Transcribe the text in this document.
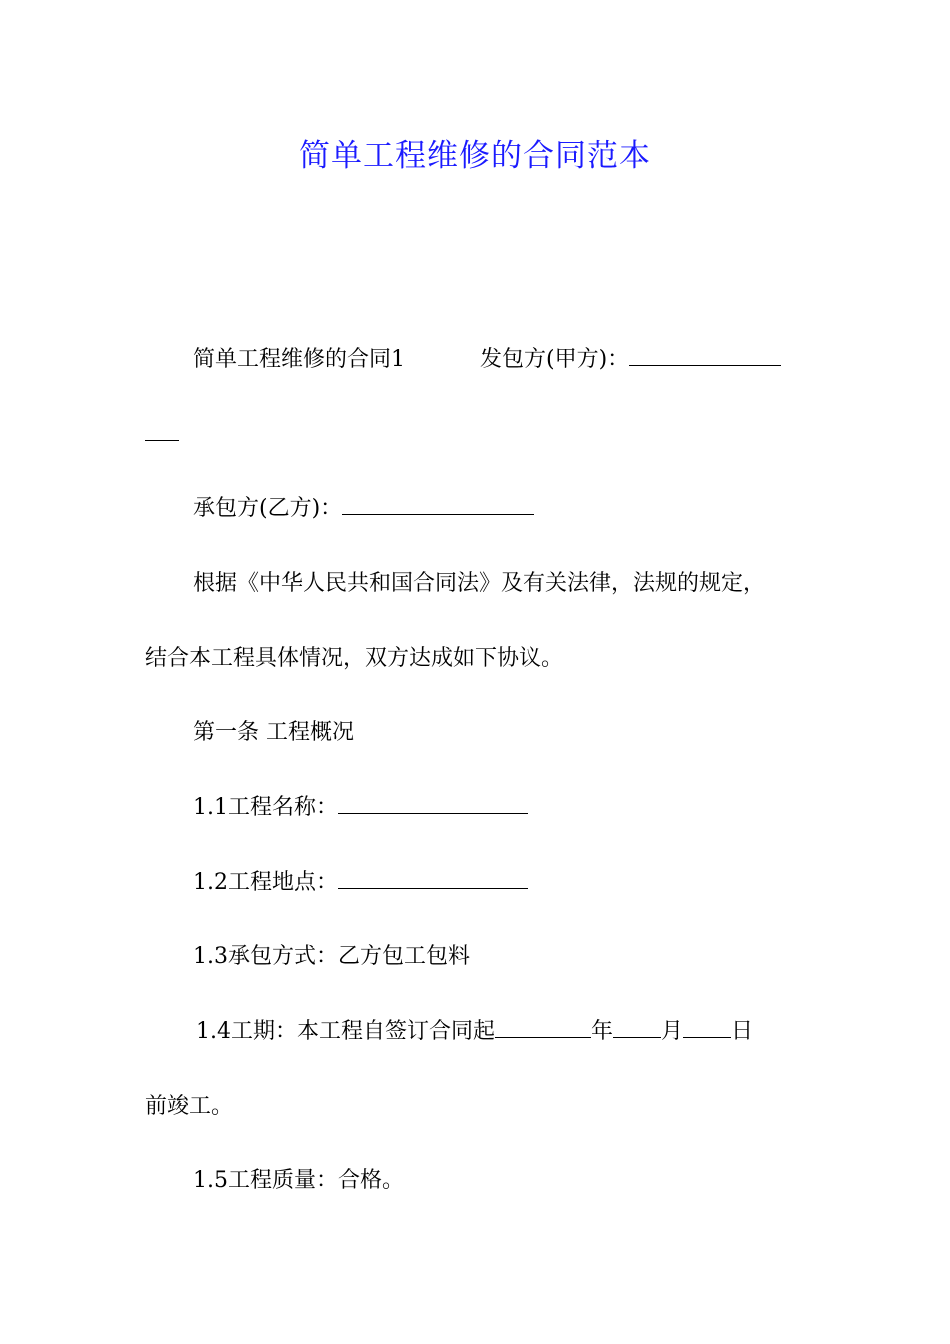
简单工程维修的合同范本
简单工程维修的合同1	发包方(甲方)：
承包方(乙方)：
根据《中华人民共和国合同法》及有关法律，法规的规定，
结合本工程具体情况，双方达成如下协议。
第一条 工程概况
1.1工程名称：
1.2工程地点：
1.3承包方式：乙方包工包料
1.4工期：本工程自签订合同起	年 月 日
前竣工。
1.5工程质量：合格。
